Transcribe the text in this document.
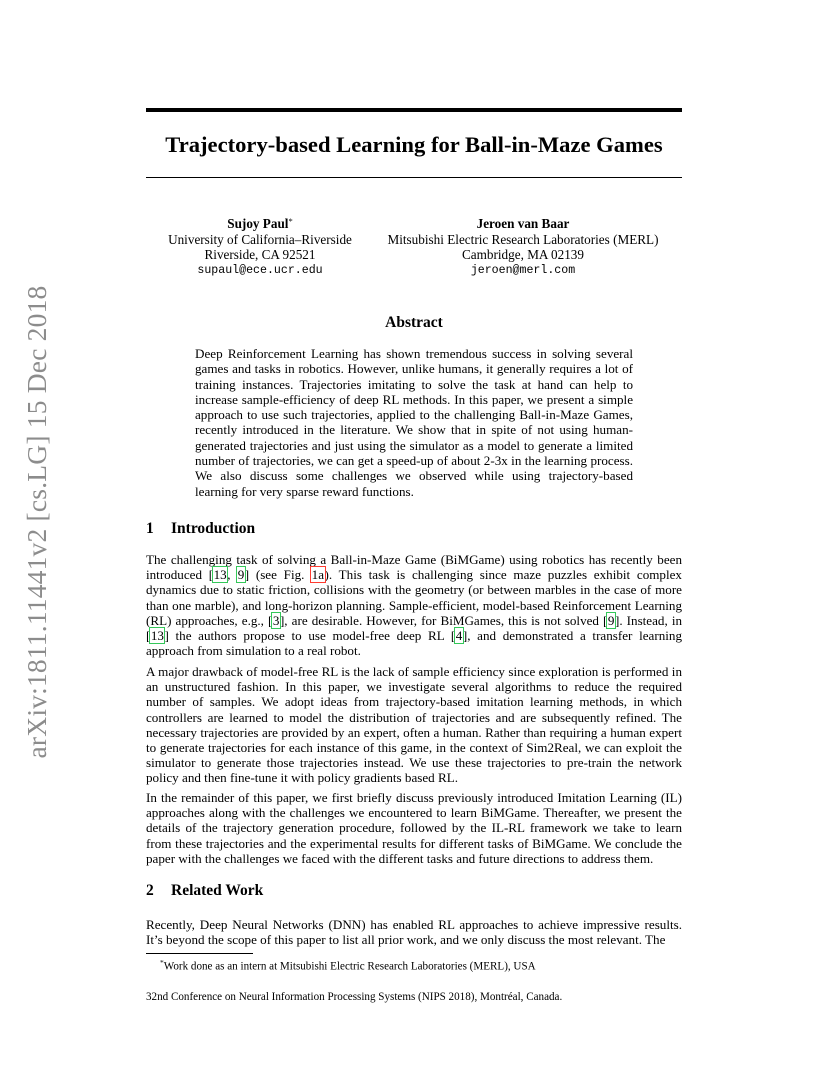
arXiv:1811.11441v2 [cs.LG] 15 Dec 2018
Trajectory-based Learning for Ball-in-Maze Games
Sujoy Paul*
University of California–Riverside
Riverside, CA 92521
supaul@ece.ucr.edu
Jeroen van Baar
Mitsubishi Electric Research Laboratories (MERL)
Cambridge, MA 02139
jeroen@merl.com
Abstract
Deep Reinforcement Learning has shown tremendous success in solving several games and tasks in robotics. However, unlike humans, it generally requires a lot of training instances. Trajectories imitating to solve the task at hand can help to increase sample-efficiency of deep RL methods. In this paper, we present a simple approach to use such trajectories, applied to the challenging Ball-in-Maze Games, recently introduced in the literature. We show that in spite of not using human-generated trajectories and just using the simulator as a model to generate a limited number of trajectories, we can get a speed-up of about 2-3x in the learning process. We also discuss some challenges we observed while using trajectory-based learning for very sparse reward functions.
1 Introduction
The challenging task of solving a Ball-in-Maze Game (BiMGame) using robotics has recently been introduced [13, 9] (see Fig. 1a). This task is challenging since maze puzzles exhibit complex dynamics due to static friction, collisions with the geometry (or between marbles in the case of more than one marble), and long-horizon planning. Sample-efficient, model-based Reinforcement Learning (RL) approaches, e.g., [3], are desirable. However, for BiMGames, this is not solved [9]. Instead, in [13] the authors propose to use model-free deep RL [4], and demonstrated a transfer learning approach from simulation to a real robot.
A major drawback of model-free RL is the lack of sample efficiency since exploration is performed in an unstructured fashion. In this paper, we investigate several algorithms to reduce the required number of samples. We adopt ideas from trajectory-based imitation learning methods, in which controllers are learned to model the distribution of trajectories and are subsequently refined. The necessary trajectories are provided by an expert, often a human. Rather than requiring a human expert to generate trajectories for each instance of this game, in the context of Sim2Real, we can exploit the simulator to generate those trajectories instead. We use these trajectories to pre-train the network policy and then fine-tune it with policy gradients based RL.
In the remainder of this paper, we first briefly discuss previously introduced Imitation Learning (IL) approaches along with the challenges we encountered to learn BiMGame. Thereafter, we present the details of the trajectory generation procedure, followed by the IL-RL framework we take to learn from these trajectories and the experimental results for different tasks of BiMGame. We conclude the paper with the challenges we faced with the different tasks and future directions to address them.
2 Related Work
Recently, Deep Neural Networks (DNN) has enabled RL approaches to achieve impressive results. It’s beyond the scope of this paper to list all prior work, and we only discuss the most relevant. The
*Work done as an intern at Mitsubishi Electric Research Laboratories (MERL), USA
32nd Conference on Neural Information Processing Systems (NIPS 2018), Montréal, Canada.
